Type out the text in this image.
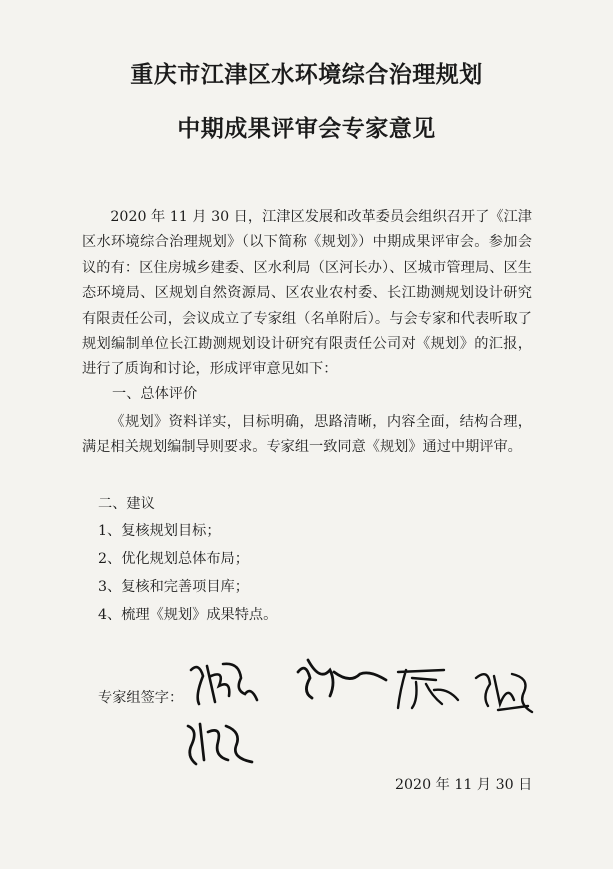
重庆市江津区水环境综合治理规划
中期成果评审会专家意见

2020 年 11 月 30 日，江津区发展和改革委员会组织召开了《江津区水环境综合治理规划》（以下简称《规划》）中期成果评审会。参加会议的有：区住房城乡建委、区水利局（区河长办）、区城市管理局、区生态环境局、区规划自然资源局、区农业农村委、长江勘测规划设计研究有限责任公司，会议成立了专家组（名单附后）。与会专家和代表听取了规划编制单位长江勘测规划设计研究有限责任公司对《规划》的汇报，进行了质询和讨论，形成评审意见如下：

一、总体评价

《规划》资料详实，目标明确，思路清晰，内容全面，结构合理，满足相关规划编制导则要求。专家组一致同意《规划》通过中期评审。

二、建议
1、复核规划目标；
2、优化规划总体布局；
3、复核和完善项目库；
4、梳理《规划》成果特点。
专家组签字：
2020 年 11 月 30 日
